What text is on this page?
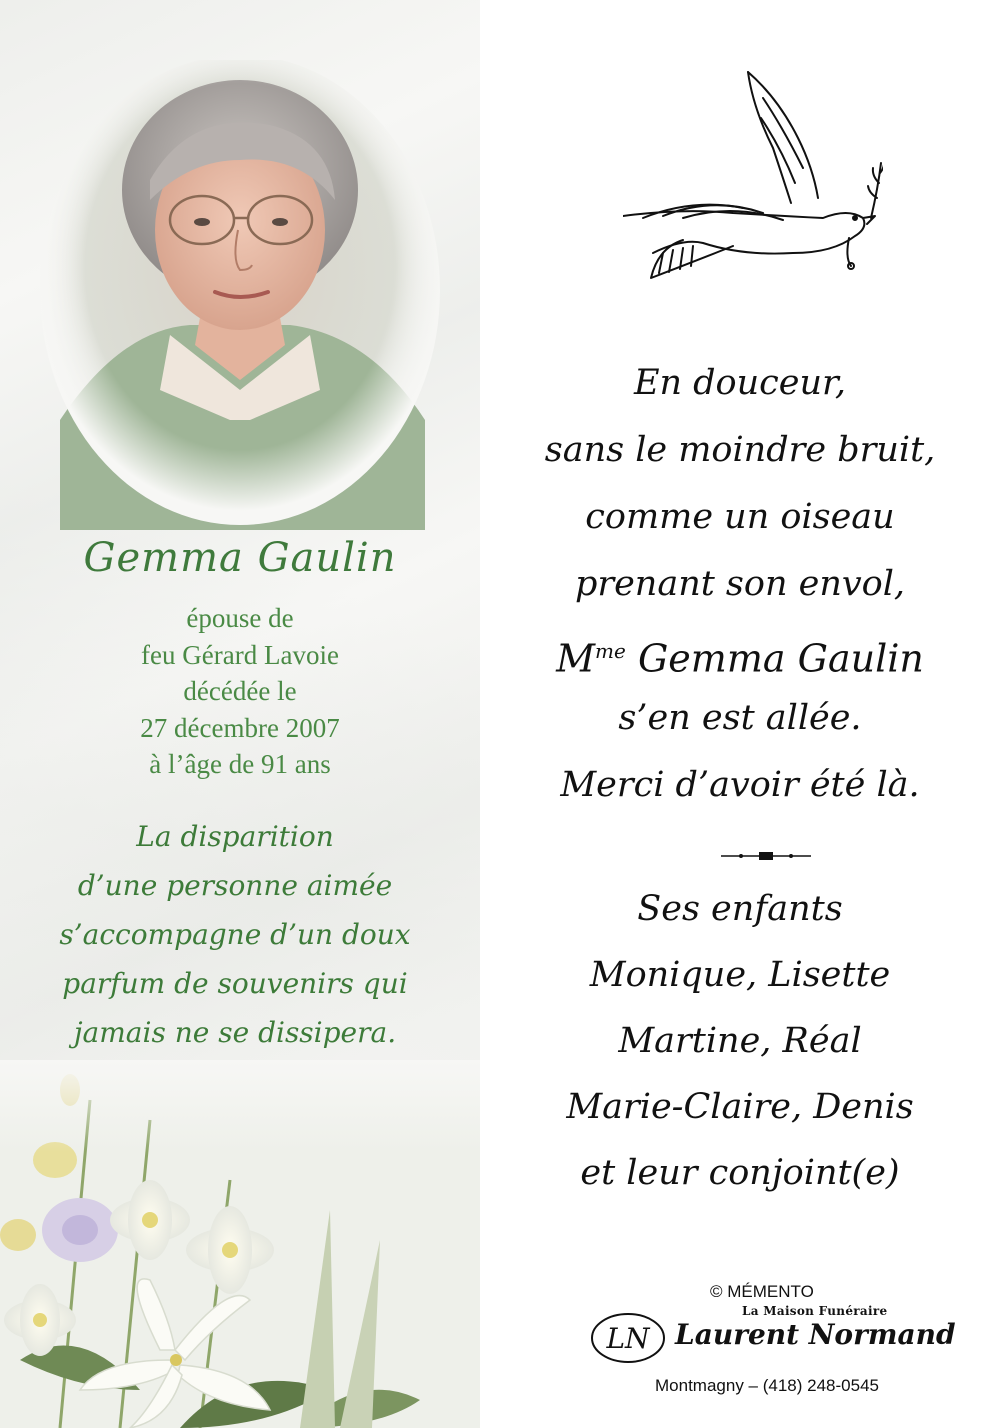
Gemma Gaulin
épouse de
feu Gérard Lavoie
décédée le
27 décembre 2007
à l’âge de 91 ans
La disparition
d’une personne aimée
s’accompagne d’un doux
parfum de souvenirs qui
jamais ne se dissipera.
En douceur,
sans le moindre bruit,
comme un oiseau
prenant son envol,
$M^{me}$ Gemma Gaulin
s’en est allée.
Merci d’avoir été là.
Ses enfants
Monique, Lisette
Martine, Réal
Marie-Claire, Denis
et leur conjoint(e)
© MÉMENTO
La Maison Funéraire
LN Laurent Normand
Montmagny – (418) 248-0545
